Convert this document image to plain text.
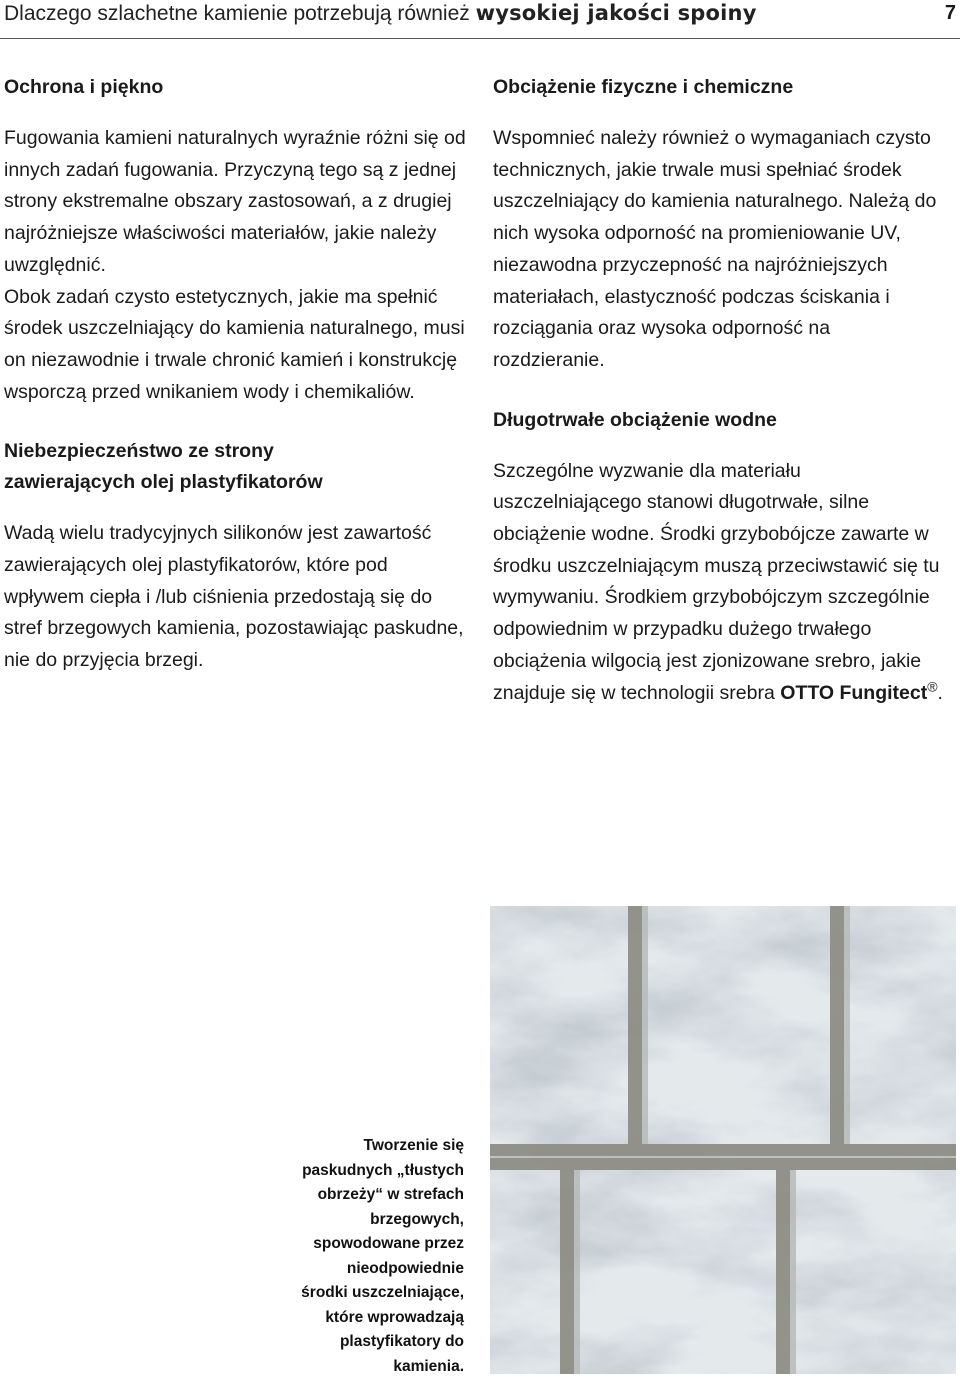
Dlaczego szlachetne kamienie potrzebują również wysokiej jakości spoiny	7
Ochrona i piękno

Fugowania kamieni naturalnych wyraźnie różni się od innych zadań fugowania. Przyczyną tego są z jednej strony ekstremalne obszary zastosowań, a z drugiej najróżniejsze właściwości materiałów, jakie należy uwzględnić.

Obok zadań czysto estetycznych, jakie ma spełnić środek uszczelniający do kamienia naturalnego, musi on niezawodnie i trwale chronić kamień i konstrukcję wsporczą przed wnikaniem wody i chemikaliów.

Niebezpieczeństwo ze strony
zawierających olej plastyfikatorów

Wadą wielu tradycyjnych silikonów jest zawartość zawierających olej plastyfikatorów, które pod wpływem ciepła i /lub ciśnienia przedostają się do stref brzegowych kamienia, pozostawiając paskudne, nie do przyjęcia brzegi.

Obciążenie fizyczne i chemiczne

Wspomnieć należy również o wymaganiach czysto technicznych, jakie trwale musi spełniać środek uszczelniający do kamienia naturalnego. Należą do nich wysoka odporność na promieniowanie UV, niezawodna przyczepność na najróżniejszych materiałach, elastyczność podczas ściskania i rozciągania oraz wysoka odporność na rozdzieranie.

Długotrwałe obciążenie wodne

Szczególne wyzwanie dla materiału uszczelniającego stanowi długotrwałe, silne obciążenie wodne. Środki grzybobójcze zawarte w środku uszczelniającym muszą przeciwstawić się tu wymywaniu. Środkiem grzybobójczym szczególnie odpowiednim w przypadku dużego trwałego obciążenia wilgocią jest zjonizowane srebro, jakie znajduje się w technologii srebra OTTO Fungitect®.

Tworzenie się
paskudnych „tłustych
obrzeży“ w strefach
brzegowych,
spowodowane przez
nieodpowiednie
środki uszczelniające,
które wprowadzają
plastyfikatory do
kamienia.
